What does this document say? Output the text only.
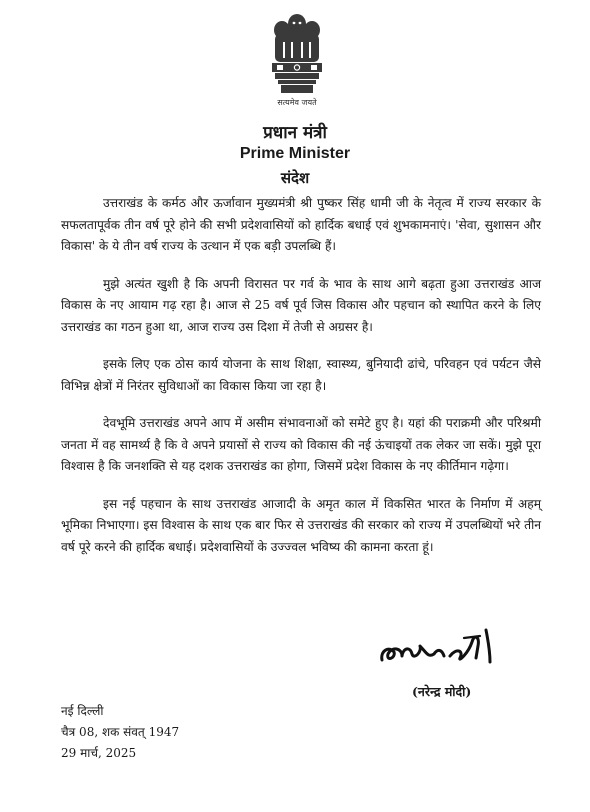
सत्यमेव जयते
प्रधान मंत्री
Prime Minister
संदेश

उत्तराखंड के कर्मठ और ऊर्जावान मुख्यमंत्री श्री पुष्कर सिंह धामी जी के नेतृत्व में राज्य सरकार के सफलतापूर्वक तीन वर्ष पूरे होने की सभी प्रदेशवासियों को हार्दिक बधाई एवं शुभकामनाएं। 'सेवा, सुशासन और विकास' के ये तीन वर्ष राज्य के उत्थान में एक बड़ी उपलब्धि हैं।

मुझे अत्यंत खुशी है कि अपनी विरासत पर गर्व के भाव के साथ आगे बढ़ता हुआ उत्तराखंड आज विकास के नए आयाम गढ़ रहा है। आज से 25 वर्ष पूर्व जिस विकास और पहचान को स्थापित करने के लिए उत्तराखंड का गठन हुआ था, आज राज्य उस दिशा में तेजी से अग्रसर है।

इसके लिए एक ठोस कार्य योजना के साथ शिक्षा, स्वास्थ्य, बुनियादी ढांचे, परिवहन एवं पर्यटन जैसे विभिन्न क्षेत्रों में निरंतर सुविधाओं का विकास किया जा रहा है।

देवभूमि उत्तराखंड अपने आप में असीम संभावनाओं को समेटे हुए है। यहां की पराक्रमी और परिश्रमी जनता में वह सामर्थ्य है कि वे अपने प्रयासों से राज्य को विकास की नई ऊंचाइयों तक लेकर जा सकें। मुझे पूरा विश्वास है कि जनशक्ति से यह दशक उत्तराखंड का होगा, जिसमें प्रदेश विकास के नए कीर्तिमान गढ़ेगा।

इस नई पहचान के साथ उत्तराखंड आजादी के अमृत काल में विकसित भारत के निर्माण में अहम् भूमिका निभाएगा। इस विश्वास के साथ एक बार फिर से उत्तराखंड की सरकार को राज्य में उपलब्धियों भरे तीन वर्ष पूरे करने की हार्दिक बधाई। प्रदेशवासियों के उज्ज्वल भविष्य की कामना करता हूं।

(नरेन्द्र मोदी)
नई दिल्ली
चैत्र 08, शक संवत् 1947
29 मार्च, 2025
